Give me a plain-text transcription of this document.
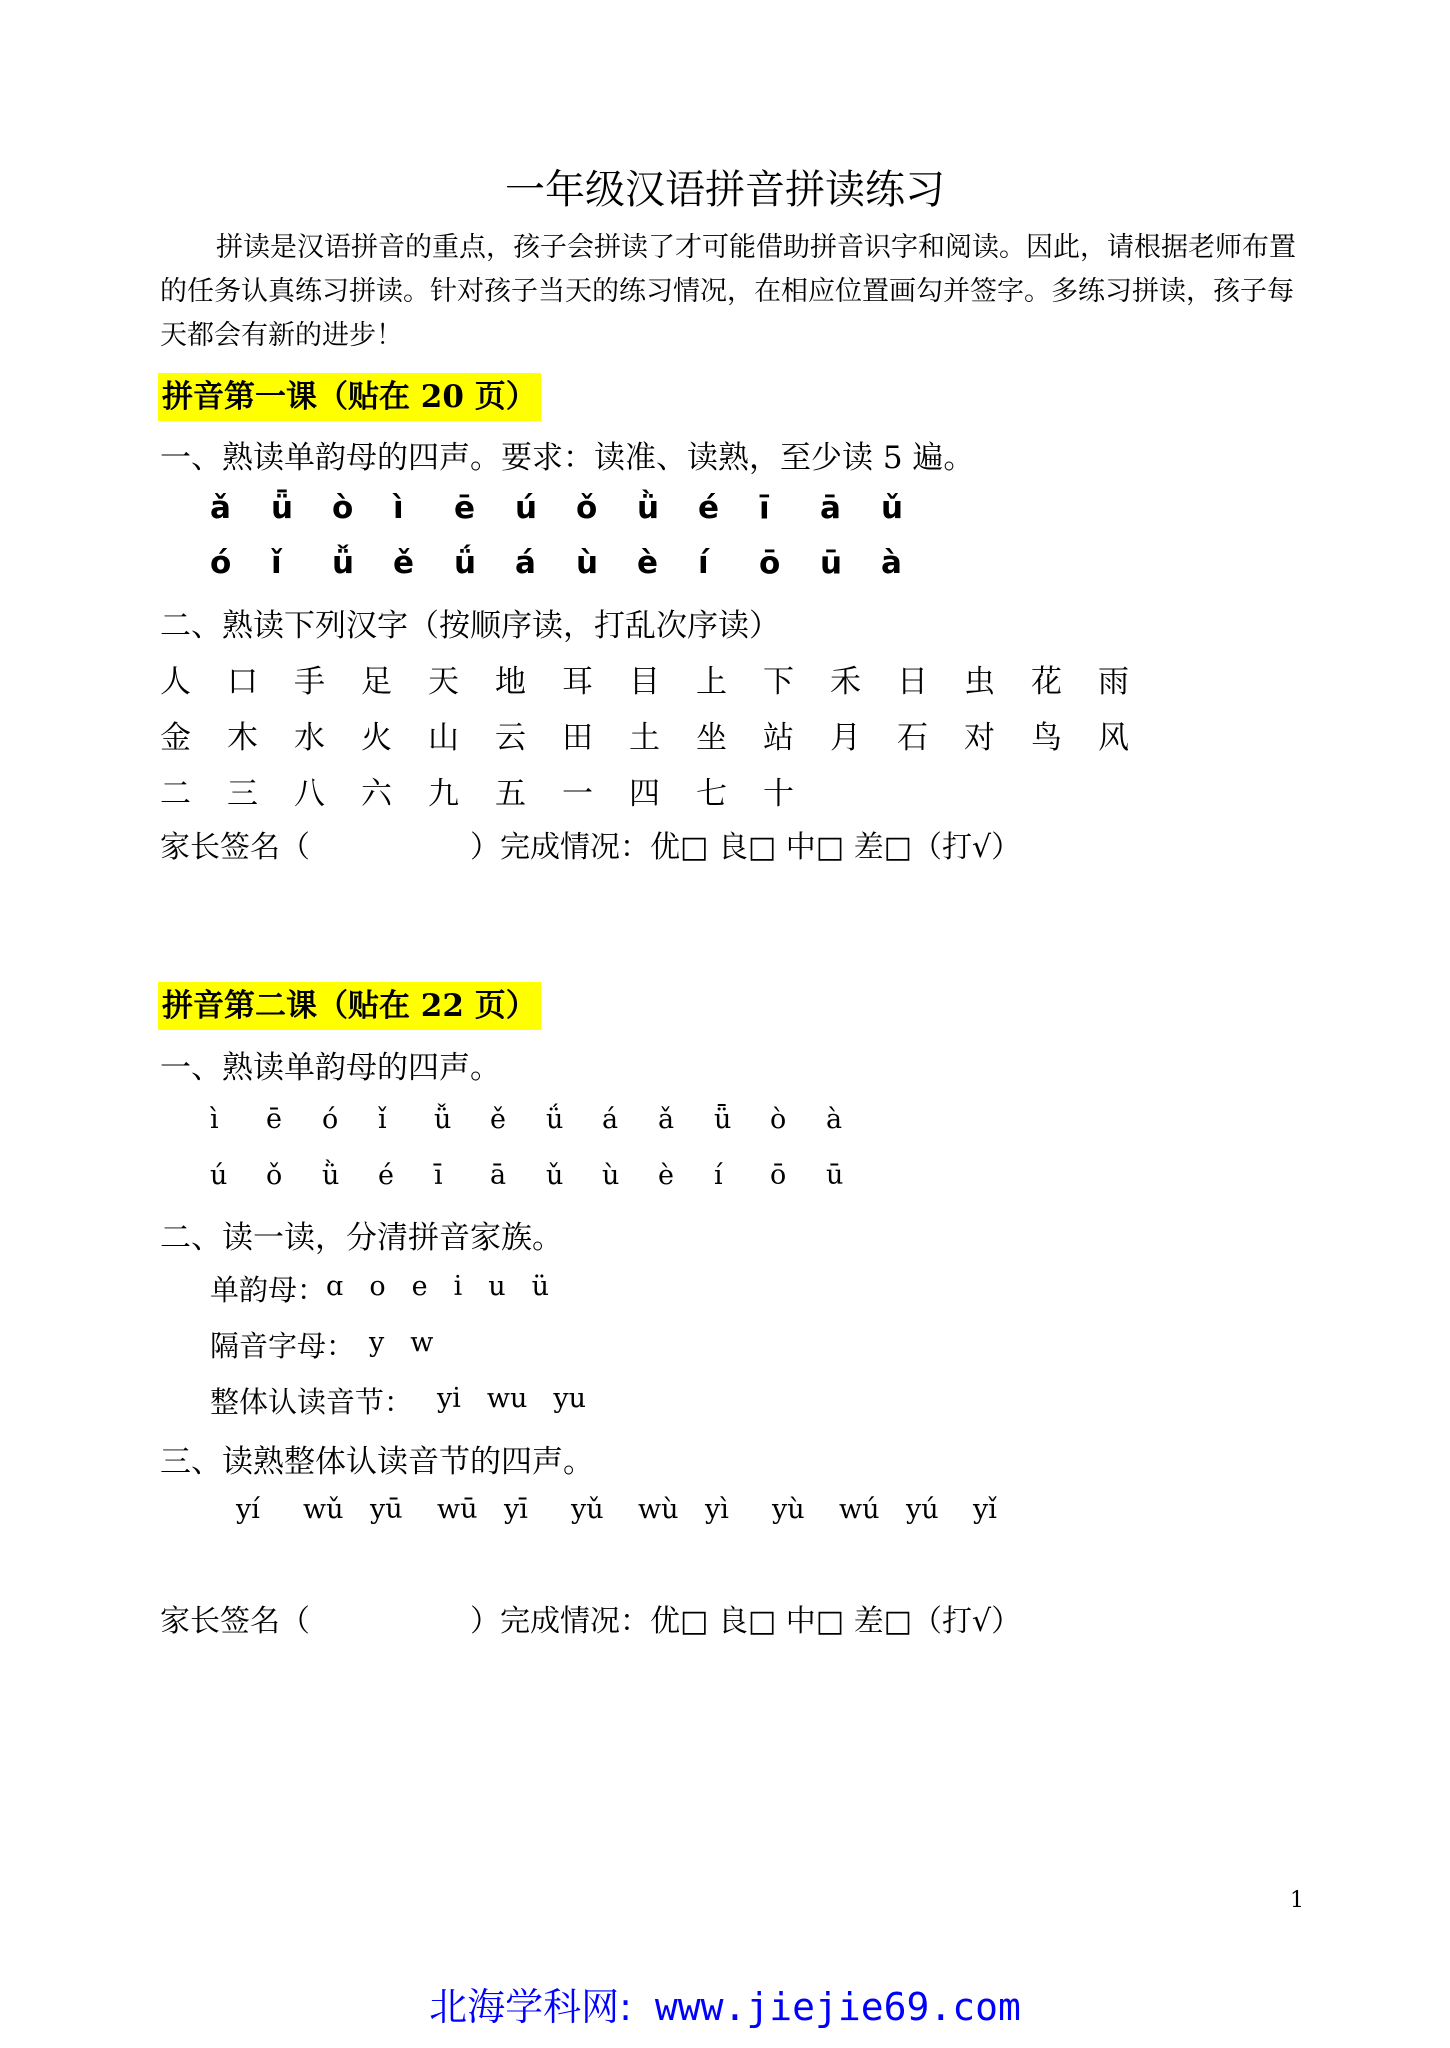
一年级汉语拼音拼读练习
拼读是汉语拼音的重点，孩子会拼读了才可能借助拼音识字和阅读。因此，请根据老师布置的任务认真练习拼读。针对孩子当天的练习情况，在相应位置画勾并签字。多练习拼读，孩子每天都会有新的进步！
拼音第一课（贴在 20 页）
一、熟读单韵母的四声。要求：读准、读熟，至少读 5 遍。
ǎ	ǖ	ò	ì	ē	ú	ǒ	ǜ	é	ī	ā	ǔ
ó	ǐ	ǚ	ě	ǘ	á	ù	è	í	ō	ū	à
二、熟读下列汉字（按顺序读，打乱次序读）
人	口	手	足	天	地	耳	目	上	下	禾	日	虫	花	雨
金	木	水	火	山	云	田	土	坐	站	月	石	对	鸟	风
二	三	八	六	九	五	一	四	七	十
家长签名（	）完成情况：优□ 良□ 中□ 差□（打√）
拼音第二课（贴在 22 页）
一、熟读单韵母的四声。
ì	ē	ó	ǐ	ǚ	ě	ǘ	á	ǎ	ǖ	ò	à
ú	ǒ	ǜ	é	ī	ā	ǔ	ù	è	í	ō	ū
二、读一读，分清拼音家族。
单韵母： ɑ o e i u ü
隔音字母： y w
整体认读音节： yi wu yu
三、读熟整体认读音节的四声。
yí	wǔ yū	wū yī	yǔ	wù yì	yù	wú yú	yǐ
家长签名（	）完成情况：优□ 良□ 中□ 差□（打√）
1
北海学科网: www.jiejie69.com
